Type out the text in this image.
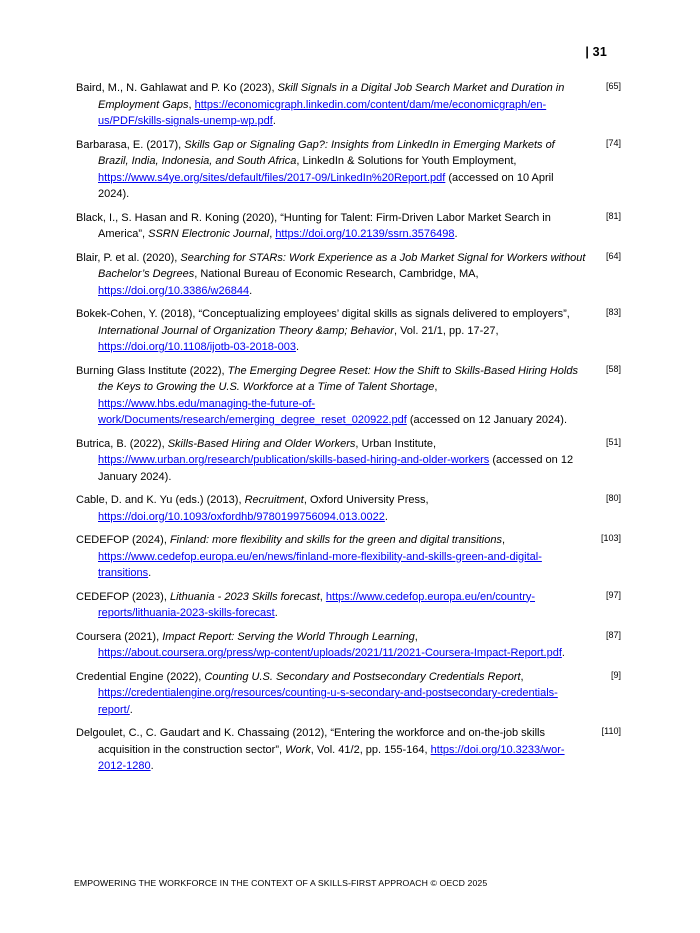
| 31

Baird, M., N. Gahlawat and P. Ko (2023), Skill Signals in a Digital Job Search Market and Duration in Employment Gaps, https://economicgraph.linkedin.com/content/dam/me/economicgraph/en-us/PDF/skills-signals-unemp-wp.pdf.

[65]

Barbarasa, E. (2017), Skills Gap or Signaling Gap?: Insights from LinkedIn in Emerging Markets of Brazil, India, Indonesia, and South Africa, LinkedIn & Solutions for Youth Employment, https://www.s4ye.org/sites/default/files/2017-09/LinkedIn%20Report.pdf (accessed on 10 April 2024).

[74]

Black, I., S. Hasan and R. Koning (2020), “Hunting for Talent: Firm-Driven Labor Market Search in America”, SSRN Electronic Journal, https://doi.org/10.2139/ssrn.3576498.

[81]

Blair, P. et al. (2020), Searching for STARs: Work Experience as a Job Market Signal for Workers without Bachelor’s Degrees, National Bureau of Economic Research, Cambridge, MA, https://doi.org/10.3386/w26844.

[64]

Bokek-Cohen, Y. (2018), “Conceptualizing employees’ digital skills as signals delivered to employers”, International Journal of Organization Theory &amp; Behavior, Vol. 21/1, pp. 17-27, https://doi.org/10.1108/ijotb-03-2018-003.

[83]

Burning Glass Institute (2022), The Emerging Degree Reset: How the Shift to Skills-Based Hiring Holds the Keys to Growing the U.S. Workforce at a Time of Talent Shortage, https://www.hbs.edu/managing-the-future-of-work/Documents/research/emerging_degree_reset_020922.pdf (accessed on 12 January 2024).

[58]

Butrica, B. (2022), Skills-Based Hiring and Older Workers, Urban Institute, https://www.urban.org/research/publication/skills-based-hiring-and-older-workers (accessed on 12 January 2024).

[51]

Cable, D. and K. Yu (eds.) (2013), Recruitment, Oxford University Press, https://doi.org/10.1093/oxfordhb/9780199756094.013.0022.

[80]

CEDEFOP (2024), Finland: more flexibility and skills for the green and digital transitions, https://www.cedefop.europa.eu/en/news/finland-more-flexibility-and-skills-green-and-digital-transitions.

[103]

CEDEFOP (2023), Lithuania - 2023 Skills forecast, https://www.cedefop.europa.eu/en/country-reports/lithuania-2023-skills-forecast.

[97]

Coursera (2021), Impact Report: Serving the World Through Learning, https://about.coursera.org/press/wp-content/uploads/2021/11/2021-Coursera-Impact-Report.pdf.

[87]

Credential Engine (2022), Counting U.S. Secondary and Postsecondary Credentials Report, https://credentialengine.org/resources/counting-u-s-secondary-and-postsecondary-credentials-report/.

[9]

Delgoulet, C., C. Gaudart and K. Chassaing (2012), “Entering the workforce and on-the-job skills acquisition in the construction sector”, Work, Vol. 41/2, pp. 155-164, https://doi.org/10.3233/wor-2012-1280.

[110]
EMPOWERING THE WORKFORCE IN THE CONTEXT OF A SKILLS-FIRST APPROACH © OECD 2025
